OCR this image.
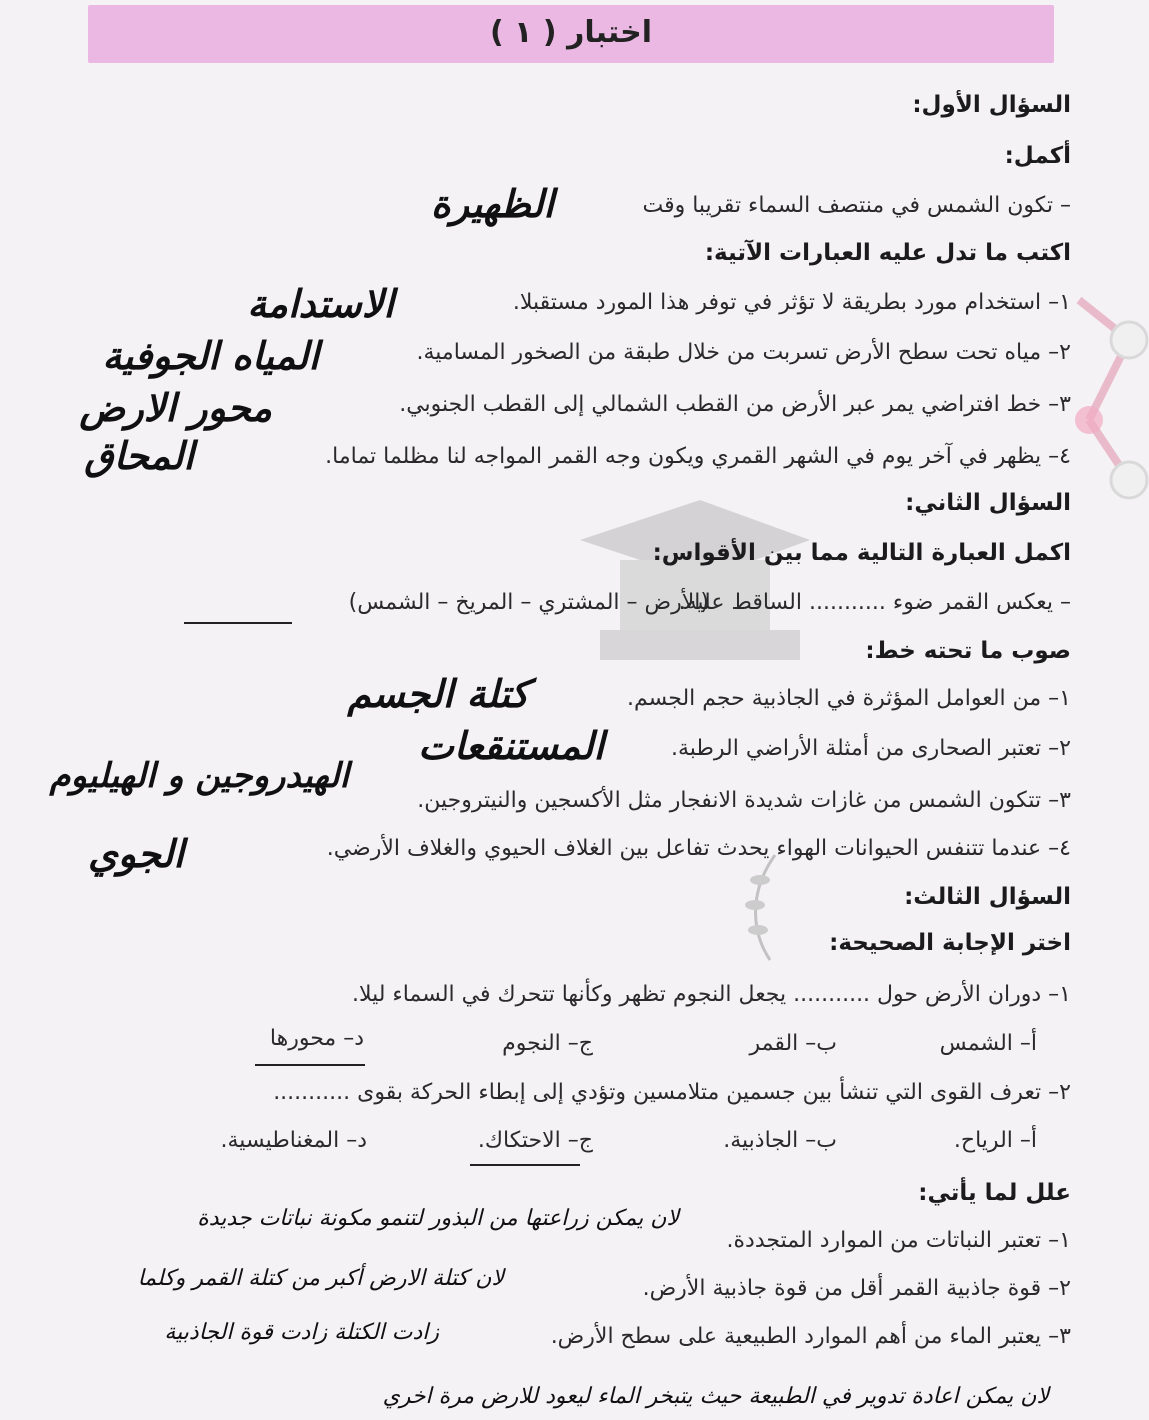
اختبار ( ۱ )
السؤال الأول:
أكمل:
– تكون الشمس في منتصف السماء تقريبا وقت
الظهيرة
اكتب ما تدل عليه العبارات الآتية:
١– استخدام مورد بطريقة لا تؤثر في توفر هذا المورد مستقبلا.
الاستدامة
٢– مياه تحت سطح الأرض تسربت من خلال طبقة من الصخور المسامية.
المياه الجوفية
٣– خط افتراضي يمر عبر الأرض من القطب الشمالي إلى القطب الجنوبي.
محور الارض
٤– يظهر في آخر يوم في الشهر القمري ويكون وجه القمر المواجه لنا مظلما تماما.
المحاق
السؤال الثاني:
اكمل العبارة التالية مما بين الأقواس:
– يعكس القمر ضوء ........... الساقط عليه.
(الأرض – المشتري – المريخ – الشمس)
صوب ما تحته خط:
١– من العوامل المؤثرة في الجاذبية حجم الجسم.
كتلة الجسم
٢– تعتبر الصحارى من أمثلة الأراضي الرطبة.
المستنقعات
الهيدروجين و الهيليوم
٣– تتكون الشمس من غازات شديدة الانفجار مثل الأكسجين والنيتروجين.
٤– عندما تتنفس الحيوانات الهواء يحدث تفاعل بين الغلاف الحيوي والغلاف الأرضي.
الجوي
السؤال الثالث:
اختر الإجابة الصحيحة:
١– دوران الأرض حول ........... يجعل النجوم تظهر وكأنها تتحرك في السماء ليلا.
أ– الشمس
ب– القمر
ج– النجوم
د– محورها
٢– تعرف القوى التي تنشأ بين جسمين متلامسين وتؤدي إلى إبطاء الحركة بقوى ...........
أ– الرياح.
ب– الجاذبية.
ج– الاحتكاك.
د– المغناطيسية.
علل لما يأتي:
لان يمكن زراعتها من البذور لتنمو مكونة نباتات جديدة
١– تعتبر النباتات من الموارد المتجددة.
لان كتلة الارض أكبر من كتلة القمر وكلما	٢– قوة جاذبية القمر أقل من قوة جاذبية الأرض.
٣– يعتبر الماء من أهم الموارد الطبيعية على سطح الأرض.
زادت الكتلة زادت قوة الجاذبية
لان يمكن اعادة تدوير في الطبيعة حيث يتبخر الماء ليعود للارض مرة اخري
